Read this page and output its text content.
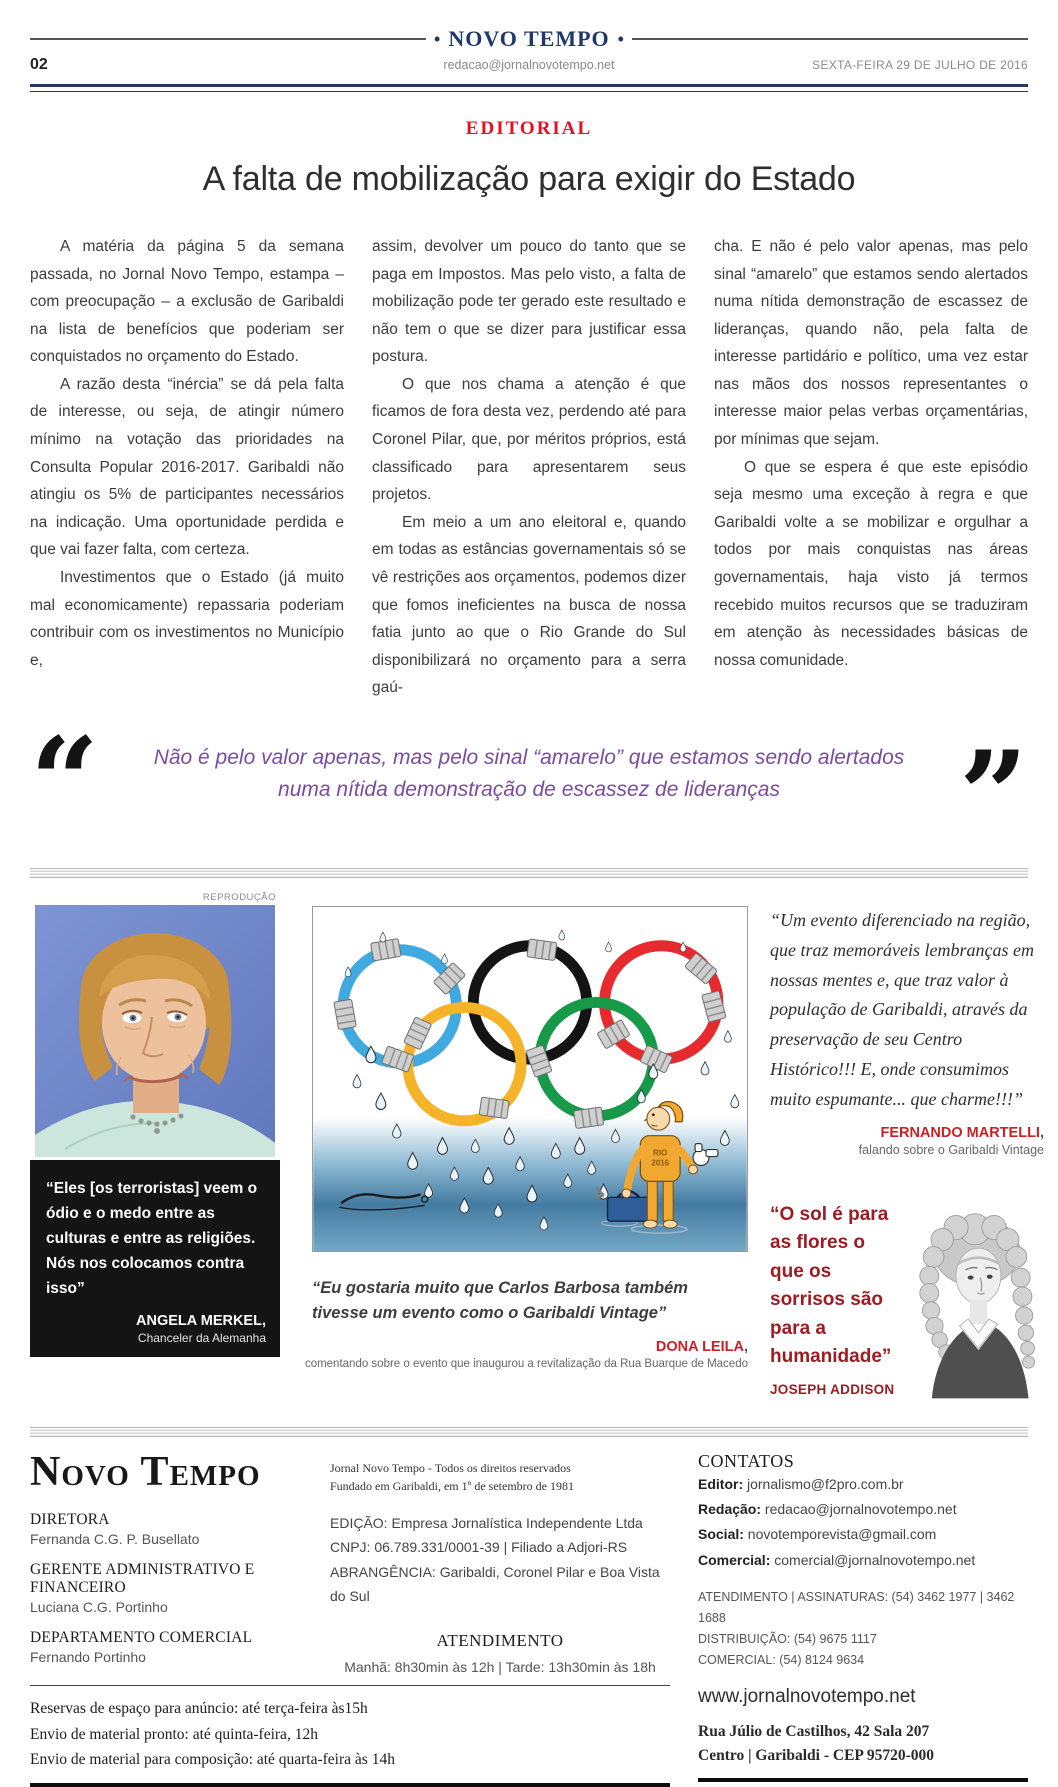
• NOVO TEMPO •
02	redacao@jornalnovotempo.net	SEXTA-FEIRA 29 DE JULHO DE 2016
EDITORIAL
A falta de mobilização para exigir do Estado

A matéria da página 5 da semana passada, no Jornal Novo Tempo, estampa – com preocupação – a exclusão de Garibaldi na lista de benefícios que poderiam ser conquistados no orçamento do Estado.

A razão desta “inércia” se dá pela falta de interesse, ou seja, de atingir número mínimo na votação das prioridades na Consulta Popular 2016-2017. Garibaldi não atingiu os 5% de participantes necessários na indicação. Uma oportunidade perdida e que vai fazer falta, com certeza.

Investimentos que o Estado (já muito mal economicamente) repassaria poderiam contribuir com os investimentos no Município e,

assim, devolver um pouco do tanto que se paga em Impostos. Mas pelo visto, a falta de mobilização pode ter gerado este resultado e não tem o que se dizer para justificar essa postura.

O que nos chama a atenção é que ficamos de fora desta vez, perdendo até para Coronel Pilar, que, por méritos próprios, está classificado para apresentarem seus projetos.

Em meio a um ano eleitoral e, quando em todas as estâncias governamentais só se vê restrições aos orçamentos, podemos dizer que fomos ineficientes na busca de nossa fatia junto ao que o Rio Grande do Sul disponibilizará no orçamento para a serra gaú-

cha. E não é pelo valor apenas, mas pelo sinal “amarelo” que estamos sendo alertados numa nítida demonstração de escassez de lideranças, quando não, pela falta de interesse partidário e político, uma vez estar nas mãos dos nossos representantes o interesse maior pelas verbas orçamentárias, por mínimas que sejam.

O que se espera é que este episódio seja mesmo uma exceção à regra e que Garibaldi volte a se mobilizar e orgulhar a todos por mais conquistas nas áreas governamentais, haja visto já termos recebido muitos recursos que se traduziram em atenção às necessidades básicas de nossa comunidade.

“	Não é pelo valor apenas, mas pelo sinal “amarelo” que estamos sendo alertados numa nítida demonstração de escassez de lideranças	”
REPRODUÇÃO
“Eles [os terroristas] veem o ódio e o medo entre as culturas e entre as religiões. Nós nos colocamos contra isso”
ANGELA MERKEL,
Chanceler da Alemanha
RIO
2016
“Eu gostaria muito que Carlos Barbosa também tivesse um evento como o Garibaldi Vintage”
DONA LEILA,
comentando sobre o evento que inaugurou a revitalização da Rua Buarque de Macedo
“Um evento diferenciado na região, que traz memoráveis lembranças em nossas mentes e, que traz valor à população de Garibaldi, através da preservação de seu Centro Histórico!!! E, onde consumimos muito espumante... que charme!!!”
FERNANDO MARTELLI,
falando sobre o Garibaldi Vintage
“O sol é para as flores o que os sorrisos são para a humanidade”
JOSEPH ADDISON
Novo Tempo	Jornal Novo Tempo - Todos os direitos reservados
Fundado em Garibaldi, em 1º de setembro de 1981
DIRETORA
Fernanda C.G. P. Busellato
GERENTE ADMINISTRATIVO E FINANCEIRO
Luciana C.G. Portinho
DEPARTAMENTO COMERCIAL
Fernando Portinho
EDIÇÃO: Empresa Jornalística Independente Ltda
CNPJ: 06.789.331/0001-39 | Filiado a Adjori-RS
ABRANGÊNCIA: Garibaldi, Coronel Pilar e Boa Vista do Sul
ATENDIMENTO
Manhã: 8h30min às 12h | Tarde: 13h30min às 18h
Reservas de espaço para anúncio: até terça-feira às15h
Envio de material pronto: até quinta-feira, 12h
Envio de material para composição: até quarta-feira às 14h
CONTATOS
Editor: jornalismo@f2pro.com.br
Redação: redacao@jornalnovotempo.net
Social: novotemporevista@gmail.com
Comercial: comercial@jornalnovotempo.net
ATENDIMENTO | ASSINATURAS: (54) 3462 1977 | 3462 1688
DISTRIBUIÇÃO: (54) 9675 1117
COMERCIAL: (54) 8124 9634
www.jornalnovotempo.net
Rua Júlio de Castilhos, 42 Sala 207
Centro | Garibaldi - CEP 95720-000
